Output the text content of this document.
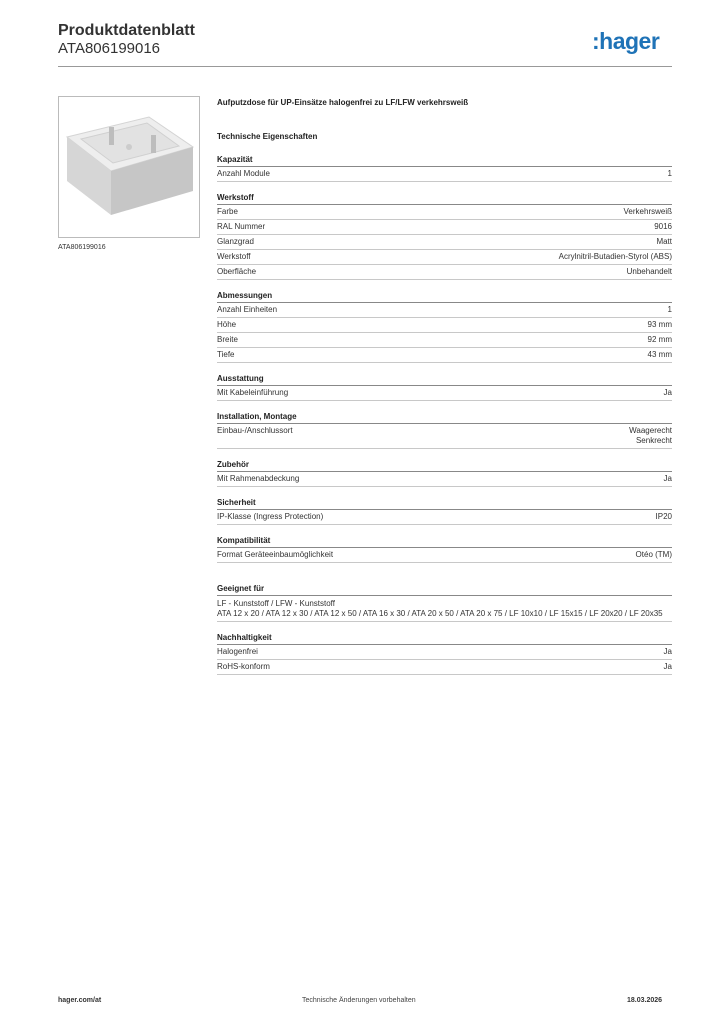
Produktdatenblatt
ATA806199016	:hager
ATA806199016
Aufputzdose für UP-Einsätze halogenfrei zu LF/LFW verkehrsweiß
Technische Eigenschaften
Kapazität
Anzahl Module	1
Werkstoff
Farbe	Verkehrsweiß
RAL Nummer	9016
Glanzgrad	Matt
Werkstoff	Acrylnitril-Butadien-Styrol (ABS)
Oberfläche	Unbehandelt
Abmessungen
Anzahl Einheiten	1
Höhe	93 mm
Breite	92 mm
Tiefe	43 mm
Ausstattung
Mit Kabeleinführung	Ja
Installation, Montage
Einbau-/Anschlussort	Waagerecht
Senkrecht
Zubehör
Mit Rahmenabdeckung	Ja
Sicherheit
IP-Klasse (Ingress Protection)	IP20
Kompatibilität
Format Geräteeinbaumöglichkeit	Otéo (TM)
Geeignet für
LF - Kunststoff / LFW - Kunststoff
ATA 12 x 20 / ATA 12 x 30 / ATA 12 x 50 / ATA 16 x 30 / ATA 20 x 50 / ATA 20 x 75 / LF 10x10 / LF 15x15 / LF 20x20 / LF 20x35
Nachhaltigkeit
Halogenfrei	Ja
RoHS-konform	Ja
hager.com/at	Technische Änderungen vorbehalten	18.03.2026
